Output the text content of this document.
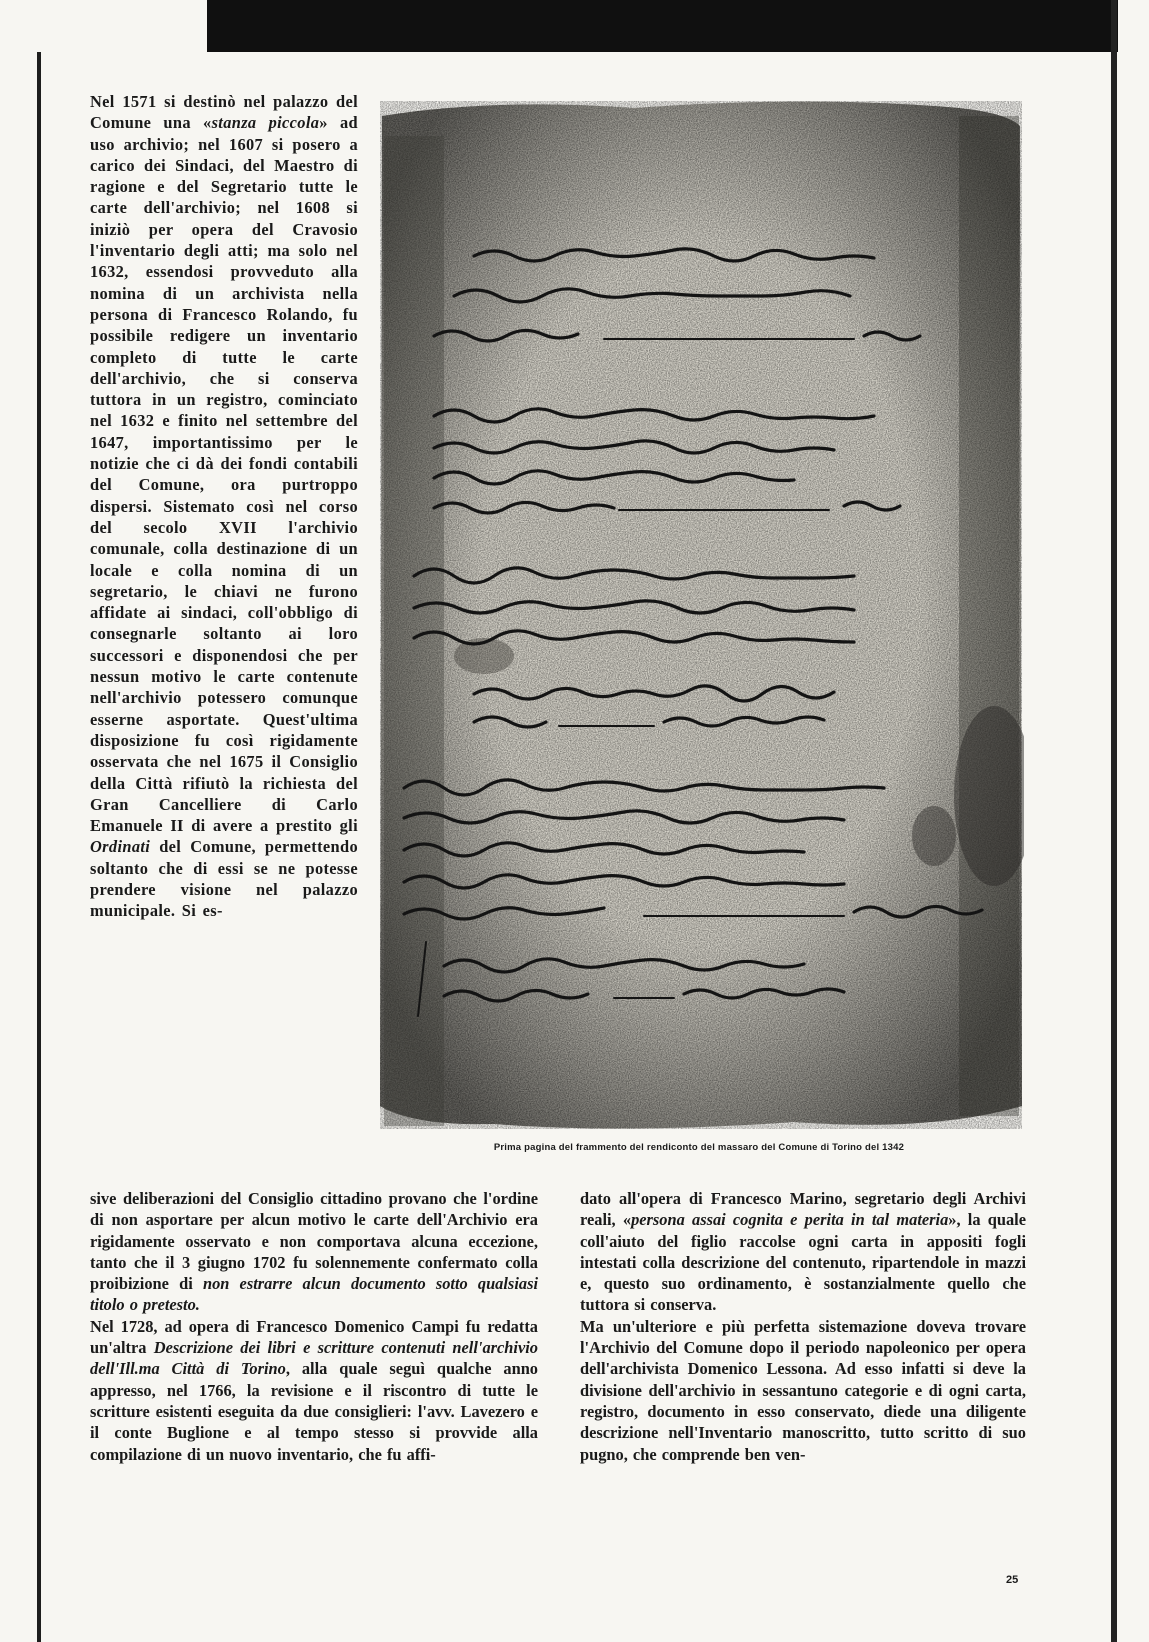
Nel 1571 si destinò nel palazzo del Comune una «stanza piccola» ad uso archivio; nel 1607 si posero a carico dei Sindaci, del Maestro di ragione e del Segretario tutte le carte dell'archivio; nel 1608 si iniziò per opera del Cravosio l'inventario degli atti; ma solo nel 1632, essendosi provveduto alla nomina di un archivista nella persona di Francesco Rolando, fu possibile redigere un inventario completo di tutte le carte dell'archivio, che si conserva tuttora in un registro, cominciato nel 1632 e finito nel settembre del 1647, importantissimo per le notizie che ci dà dei fondi contabili del Comune, ora purtroppo dispersi. Sistemato così nel corso del secolo XVII l'archivio comunale, colla destinazione di un locale e colla nomina di un segretario, le chiavi ne furono affidate ai sindaci, coll'obbligo di consegnarle soltanto ai loro successori e disponendosi che per nessun motivo le carte contenute nell'archivio potessero comunque esserne asportate. Quest'ultima disposizione fu così rigidamente osservata che nel 1675 il Consiglio della Città rifiutò la richiesta del Gran Cancelliere di Carlo Emanuele II di avere a prestito gli Ordinati del Comune, permettendo soltanto che di essi se ne potesse prendere visione nel palazzo municipale. Si es-

Prima pagina del frammento del rendiconto del massaro del Comune di Torino del 1342

sive deliberazioni del Consiglio cittadino provano che l'ordine di non asportare per alcun motivo le carte dell'Archivio era rigidamente osservato e non comportava alcuna eccezione, tanto che il 3 giugno 1702 fu solennemente confermato colla proibizione di non estrarre alcun documento sotto qualsiasi titolo o pretesto.

Nel 1728, ad opera di Francesco Domenico Campi fu redatta un'altra Descrizione dei libri e scritture contenuti nell'archivio dell'Ill.ma Città di Torino, alla quale seguì qualche anno appresso, nel 1766, la revisione e il riscontro di tutte le scritture esistenti eseguita da due consiglieri: l'avv. Lavezero e il conte Buglione e al tempo stesso si provvide alla compilazione di un nuovo inventario, che fu affi-

dato all'opera di Francesco Marino, segretario degli Archivi reali, «persona assai cognita e perita in tal materia», la quale coll'aiuto del figlio raccolse ogni carta in appositi fogli intestati colla descrizione del contenuto, ripartendole in mazzi e, questo suo ordinamento, è sostanzialmente quello che tuttora si conserva.

Ma un'ulteriore e più perfetta sistemazione doveva trovare l'Archivio del Comune dopo il periodo napoleonico per opera dell'archivista Domenico Lessona. Ad esso infatti si deve la divisione dell'archivio in sessantuno categorie e di ogni carta, registro, documento in esso conservato, diede una diligente descrizione nell'Inventario manoscritto, tutto scritto di suo pugno, che comprende ben ven-

25
